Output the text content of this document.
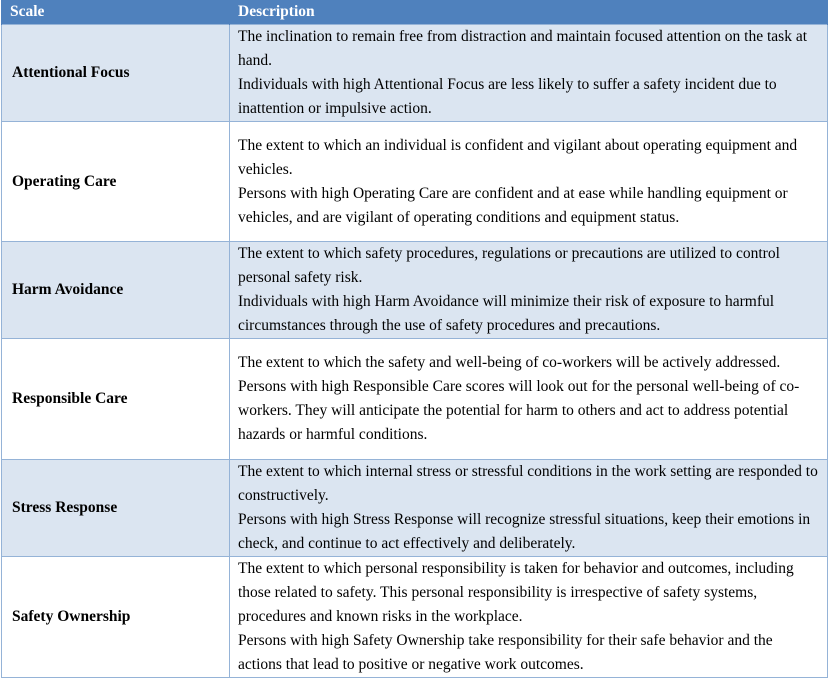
Scale	Description
Attentional Focus	The inclination to remain free from distraction and maintain focused attention on the task at hand.

Individuals with high Attentional Focus are less likely to suffer a safety incident due to inattention or impulsive action.

Operating Care	The extent to which an individual is confident and vigilant about operating equipment and vehicles.

Persons with high Operating Care are confident and at ease while handling equipment or vehicles, and are vigilant of operating conditions and equipment status.

Harm Avoidance	The extent to which safety procedures, regulations or precautions are utilized to control personal safety risk.

Individuals with high Harm Avoidance will minimize their risk of exposure to harmful circumstances through the use of safety procedures and precautions.

Responsible Care	The extent to which the safety and well-being of co-workers will be actively addressed.

Persons with high Responsible Care scores will look out for the personal well-being of co-workers. They will anticipate the potential for harm to others and act to address potential hazards or harmful conditions.

Stress Response	The extent to which internal stress or stressful conditions in the work setting are responded to constructively.

Persons with high Stress Response will recognize stressful situations, keep their emotions in check, and continue to act effectively and deliberately.

Safety Ownership	The extent to which personal responsibility is taken for behavior and outcomes, including those related to safety. This personal responsibility is irrespective of safety systems, procedures and known risks in the workplace.

Persons with high Safety Ownership take responsibility for their safe behavior and the actions that lead to positive or negative work outcomes.
